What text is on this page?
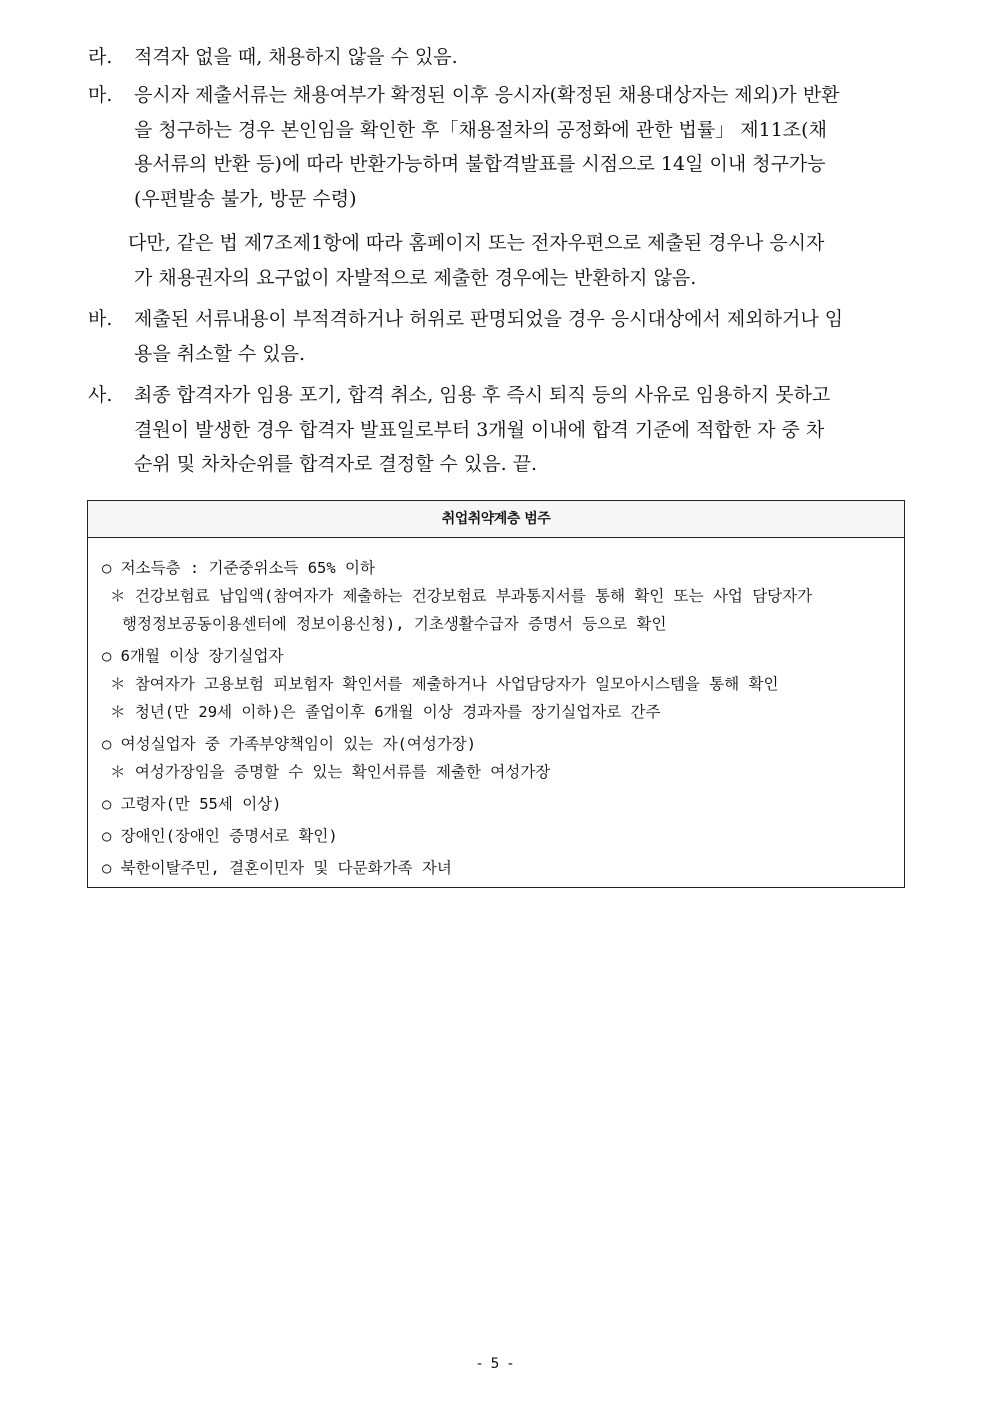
라.	적격자 없을 때, 채용하지 않을 수 있음.
마.	응시자 제출서류는 채용여부가 확정된 이후 응시자(확정된 채용대상자는 제외)가 반환
을 청구하는 경우 본인임을 확인한 후「채용절차의 공정화에 관한 법률」 제11조(채
용서류의 반환 등)에 따라 반환가능하며 불합격발표를 시점으로 14일 이내 청구가능
(우편발송 불가, 방문 수령)
다만, 같은 법 제7조제1항에 따라 홈페이지 또는 전자우편으로 제출된 경우나 응시자
가 채용권자의 요구없이 자발적으로 제출한 경우에는 반환하지 않음.
바.	제출된 서류내용이 부적격하거나 허위로 판명되었을 경우 응시대상에서 제외하거나 임
용을 취소할 수 있음.
사.	최종 합격자가 임용 포기, 합격 취소, 임용 후 즉시 퇴직 등의 사유로 임용하지 못하고
결원이 발생한 경우 합격자 발표일로부터 3개월 이내에 합격 기준에 적합한 자 중 차
순위 및 차차순위를 합격자로 결정할 수 있음. 끝.
취업취약계층 범주
○ 저소득층 : 기준중위소득 65% 이하
＊ 건강보험료 납입액(참여자가 제출하는 건강보험료 부과통지서를 통해 확인 또는 사업 담당자가
행정정보공동이용센터에 정보이용신청), 기초생활수급자 증명서 등으로 확인
○ 6개월 이상 장기실업자
＊ 참여자가 고용보험 피보험자 확인서를 제출하거나 사업담당자가 일모아시스템을 통해 확인
＊ 청년(만 29세 이하)은 졸업이후 6개월 이상 경과자를 장기실업자로 간주
○ 여성실업자 중 가족부양책임이 있는 자(여성가장)
＊ 여성가장임을 증명할 수 있는 확인서류를 제출한 여성가장
○ 고령자(만 55세 이상)
○ 장애인(장애인 증명서로 확인)
○ 북한이탈주민, 결혼이민자 및 다문화가족 자녀
- 5 -
